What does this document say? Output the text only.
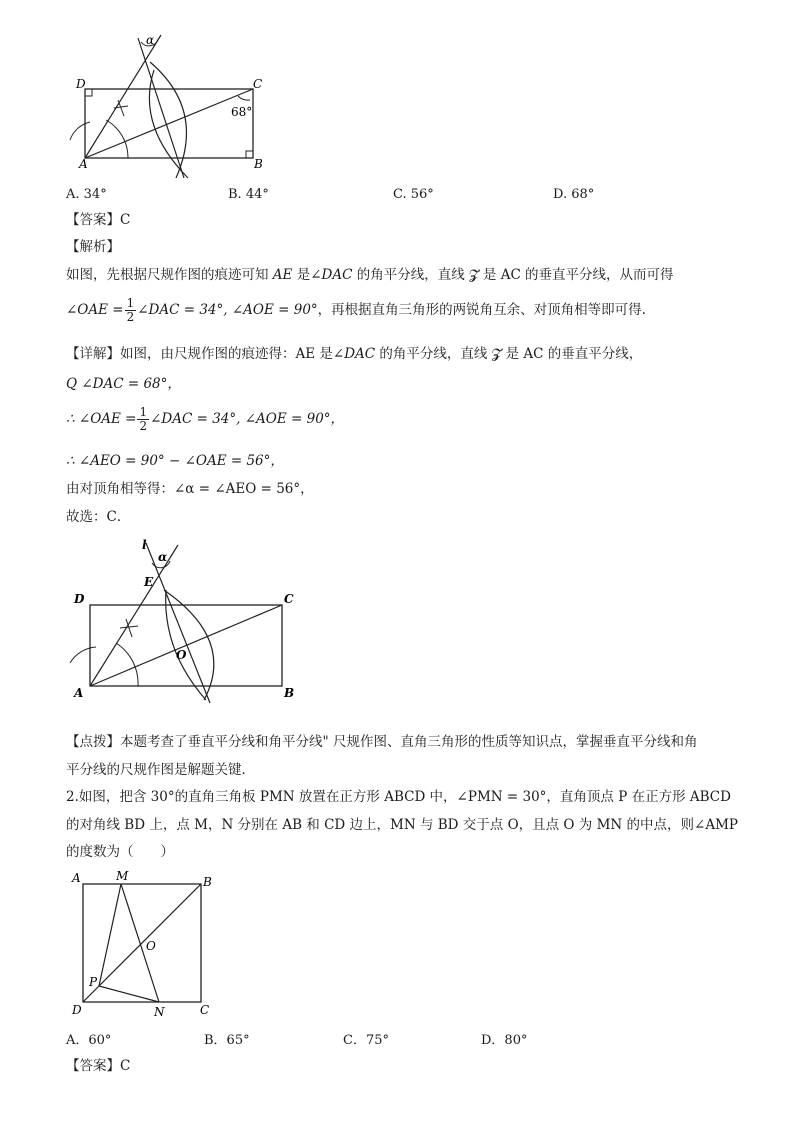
D	C
A	B
α
68°
A. 34°	B. 44°	C. 56°	D. 68°
【答案】C
【解析】
如图，先根据尺规作图的痕迹可知 AE 是∠DAC 的角平分线，直线 𝓩 是 AC 的垂直平分线，从而可得
∠OAE = $\frac{1}{2}$ ∠DAC = 34°, ∠AOE = 90°，再根据直角三角形的两锐角互余、对顶角相等即可得.
【详解】如图，由尺规作图的痕迹得：AE 是∠DAC 的角平分线，直线 𝓩 是 AC 的垂直平分线，
Q ∠DAC = 68°，
∴ ∠OAE = $\frac{1}{2}$ ∠DAC = 34°, ∠AOE = 90°，
∴ ∠AEO = 90° − ∠OAE = 56°，
由对顶角相等得：∠α = ∠AEO = 56°，
故选：C．
l
α
E
D	C
O
A	B
【点拨】本题考查了垂直平分线和角平分线" 尺规作图、直角三角形的性质等知识点，掌握垂直平分线和角
平分线的尺规作图是解题关键．
2.如图，把含 30°的直角三角板 PMN 放置在正方形 ABCD 中，∠PMN = 30°，直角顶点 P 在正方形 ABCD
的对角线 BD 上，点 M，N 分别在 AB 和 CD 边上，MN 与 BD 交于点 O，且点 O 为 MN 的中点，则∠AMP
的度数为（　　）
A	M	B
O
P
D	N	C
A．60°	B．65°	C．75°	D．80°
【答案】C
